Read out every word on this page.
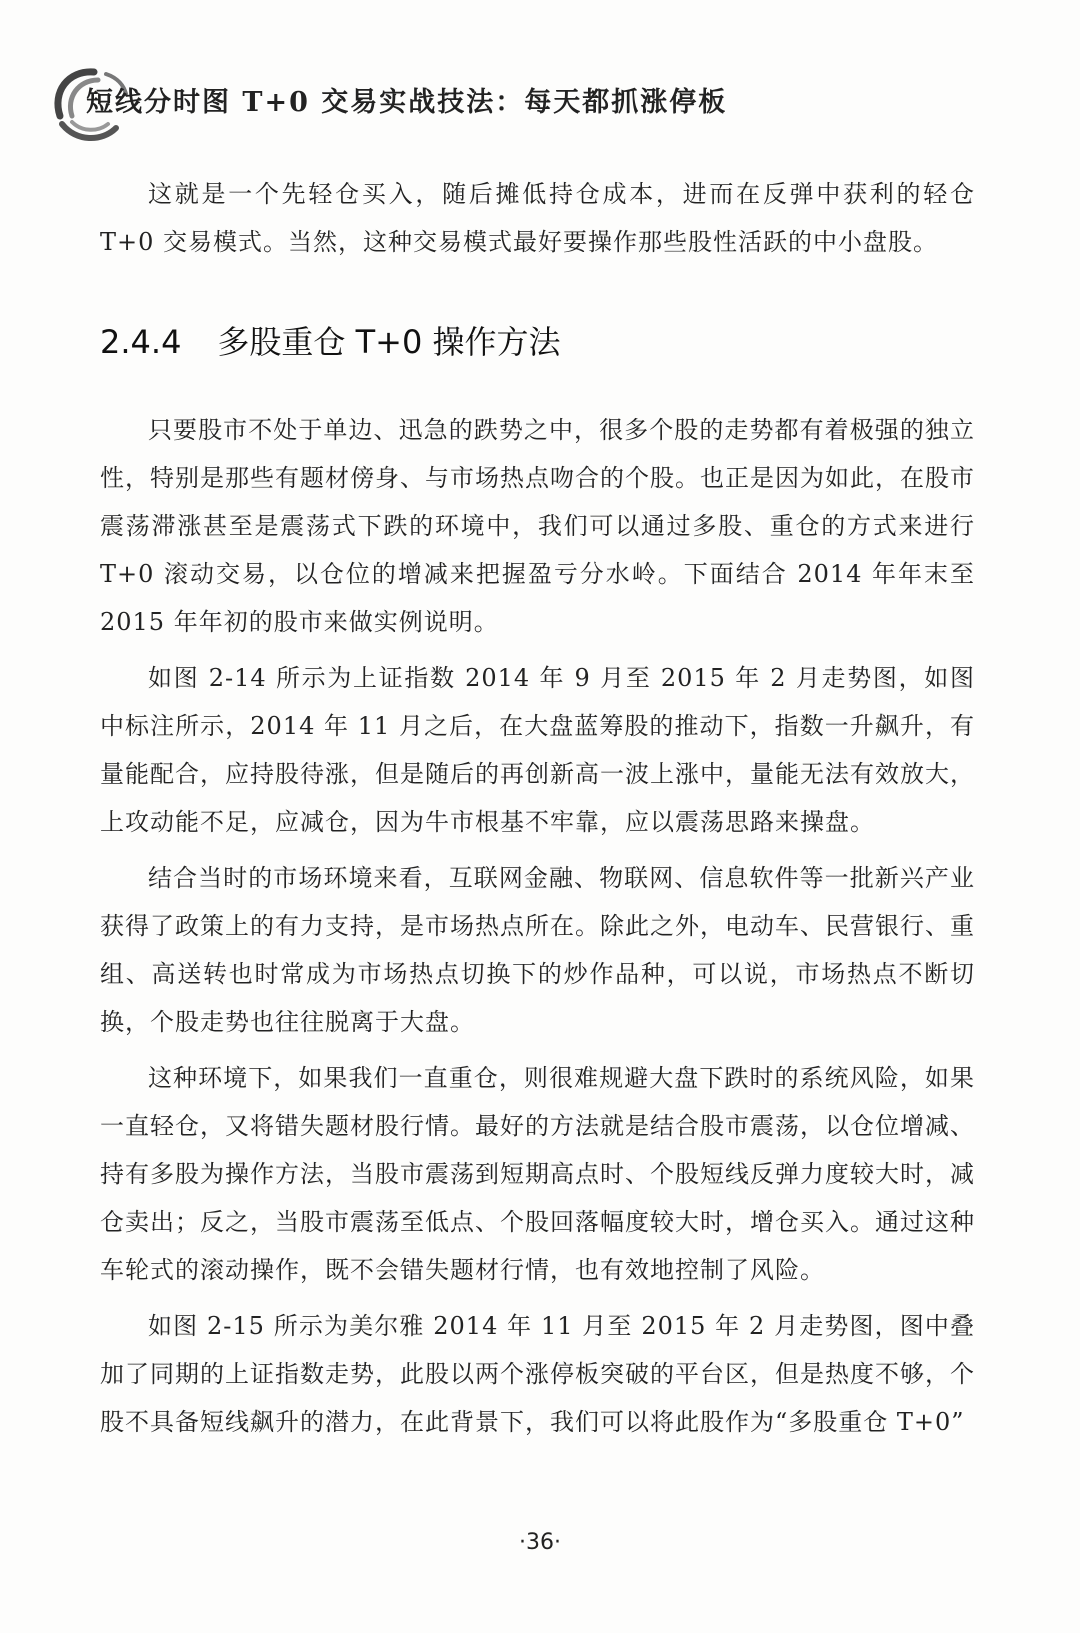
短线分时图 T+0 交易实战技法：每天都抓涨停板

这就是一个先轻仓买入，随后摊低持仓成本，进而在反弹中获利的轻仓 T+0 交易模式。当然，这种交易模式最好要操作那些股性活跃的中小盘股。

2.4.4 多股重仓 T+0 操作方法

只要股市不处于单边、迅急的跌势之中，很多个股的走势都有着极强的独立性，特别是那些有题材傍身、与市场热点吻合的个股。也正是因为如此，在股市震荡滞涨甚至是震荡式下跌的环境中，我们可以通过多股、重仓的方式来进行 T+0 滚动交易，以仓位的增减来把握盈亏分水岭。下面结合 2014 年年末至 2015 年年初的股市来做实例说明。

如图 2-14 所示为上证指数 2014 年 9 月至 2015 年 2 月走势图，如图中标注所示，2014 年 11 月之后，在大盘蓝筹股的推动下，指数一升飙升，有量能配合，应持股待涨，但是随后的再创新高一波上涨中，量能无法有效放大，上攻动能不足，应减仓，因为牛市根基不牢靠，应以震荡思路来操盘。

结合当时的市场环境来看，互联网金融、物联网、信息软件等一批新兴产业获得了政策上的有力支持，是市场热点所在。除此之外，电动车、民营银行、重组、高送转也时常成为市场热点切换下的炒作品种，可以说，市场热点不断切换，个股走势也往往脱离于大盘。

这种环境下，如果我们一直重仓，则很难规避大盘下跌时的系统风险，如果一直轻仓，又将错失题材股行情。最好的方法就是结合股市震荡，以仓位增减、持有多股为操作方法，当股市震荡到短期高点时、个股短线反弹力度较大时，减仓卖出；反之，当股市震荡至低点、个股回落幅度较大时，增仓买入。通过这种车轮式的滚动操作，既不会错失题材行情，也有效地控制了风险。

如图 2-15 所示为美尔雅 2014 年 11 月至 2015 年 2 月走势图，图中叠加了同期的上证指数走势，此股以两个涨停板突破的平台区，但是热度不够，个股不具备短线飙升的潜力，在此背景下，我们可以将此股作为“多股重仓 T+0”

·36·
